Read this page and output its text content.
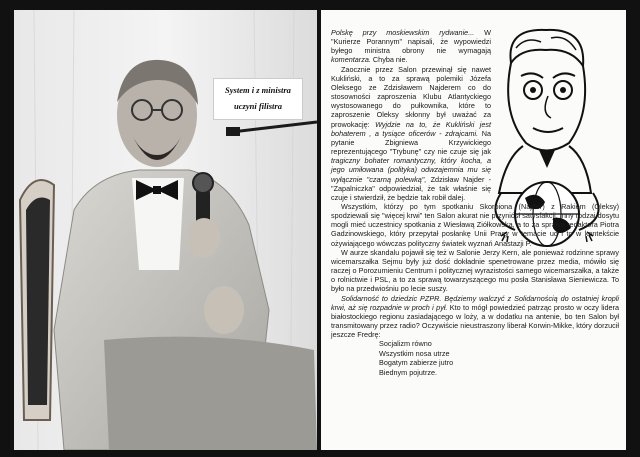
System i z ministra
uczyni filistra

Polskę przy moskiewskim rydwanie... W "Kurierze Porannym" napisali, że wypowiedzi byłego ministra obrony nie wymagają komentarza. Chyba nie.

Zaocznie przez Salon przewinął się nawet Kukliński, a to za sprawą polemiki Józefa Oleksego ze Zdzisławem Najderem co do stosowności zaproszenia Klubu Atlantyckiego wystosowanego do pułkownika, które to zaproszenie Oleksy skłonny był uważać za prowokację: Wyjdzie na to, że Kukliński jest bohaterem , a tysiące oficerów - zdrajcami. Na pytanie Zbigniewa Krzywickiego reprezentującego "Trybunę" czy nie czuje się jak tragiczny bohater romantyczny, który kocha, a jego umiłowana (polityka) odwzajemnia mu się wyłącznie "czarną polewką", Zdzisław Najder - "Zapalniczka" odpowiedział, że tak właśnie się czuje i stwierdził, że będzie tak robił dalej.

Wszystkim, którzy po tym spotkaniu Skorpiona (Najder) z Rakiem (Oleksy) spodziewali się "więcej krwi" ten Salon akurat nie przyniósł satysfakcji. Inny rodzaj dosytu mogli mieć uczestnicy spotkania z Wiesławą Ziółkowską, a to za sprawą redaktora Piotra Gadzinowskiego, który przepytał posłankę Unii Pracy w temacie ud i to w kontekście ożywiającego wówczas polityczny światek wyznań Anastazji P.

W aurze skandalu pojawił się też w Salonie Jerzy Kern, ale ponieważ rodzinne sprawy wicemarszałka Sejmu były już dość dokładnie spenetrowane przez media, mówiło się raczej o Porozumieniu Centrum i politycznej wyrazistości samego wicemarszałka, a także o rolnictwie i PSL, a to za sprawą towarzyszącego mu posła Stanisława Sieniewicza. To było na przedwiośniu po lecie suszy.

Solidarność to dziedzic PZPR. Będziemy walczyć z Solidarnością do ostatniej kropli krwi, aż się rozpadnie w proch i pył. Kto to mógł powiedzieć patrząc prosto w oczy lidera białostockiego regionu zasiadającego w loży, a w dodatku na antenie, bo ten Salon był transmitowany przez radio? Oczywiście nieustraszony liberał Korwin-Mikke, który dorzucił jeszcze Fredrę:

Socjalizm równo

Wszystkim nosa utrze

Bogatym zabierze jutro

Biednym pojutrze.
